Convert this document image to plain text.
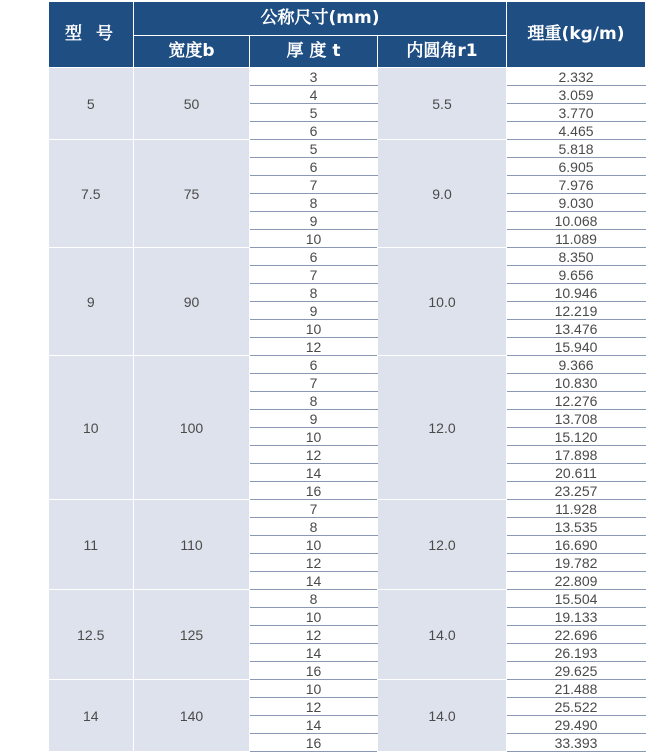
型 号	公称尺寸(mm)			理重(kg/m)
	宽度b	厚 度 t	内圆角r1	
5	50	3	5.5	2.332
		4		3.059
		5		3.770
		6		4.465
7.5	75	5	9.0	5.818
		6		6.905
		7		7.976
		8		9.030
		9		10.068
		10		11.089
9	90	6	10.0	8.350
		7		9.656
		8		10.946
		9		12.219
		10		13.476
		12		15.940
10	100	6	12.0	9.366
		7		10.830
		8		12.276
		9		13.708
		10		15.120
		12		17.898
		14		20.611
		16		23.257
11	110	7	12.0	11.928
		8		13.535
		10		16.690
		12		19.782
		14		22.809
12.5	125	8	14.0	15.504
		10		19.133
		12		22.696
		14		26.193
		16		29.625
14	140	10	14.0	21.488
		12		25.522
		14		29.490
		16		33.393
